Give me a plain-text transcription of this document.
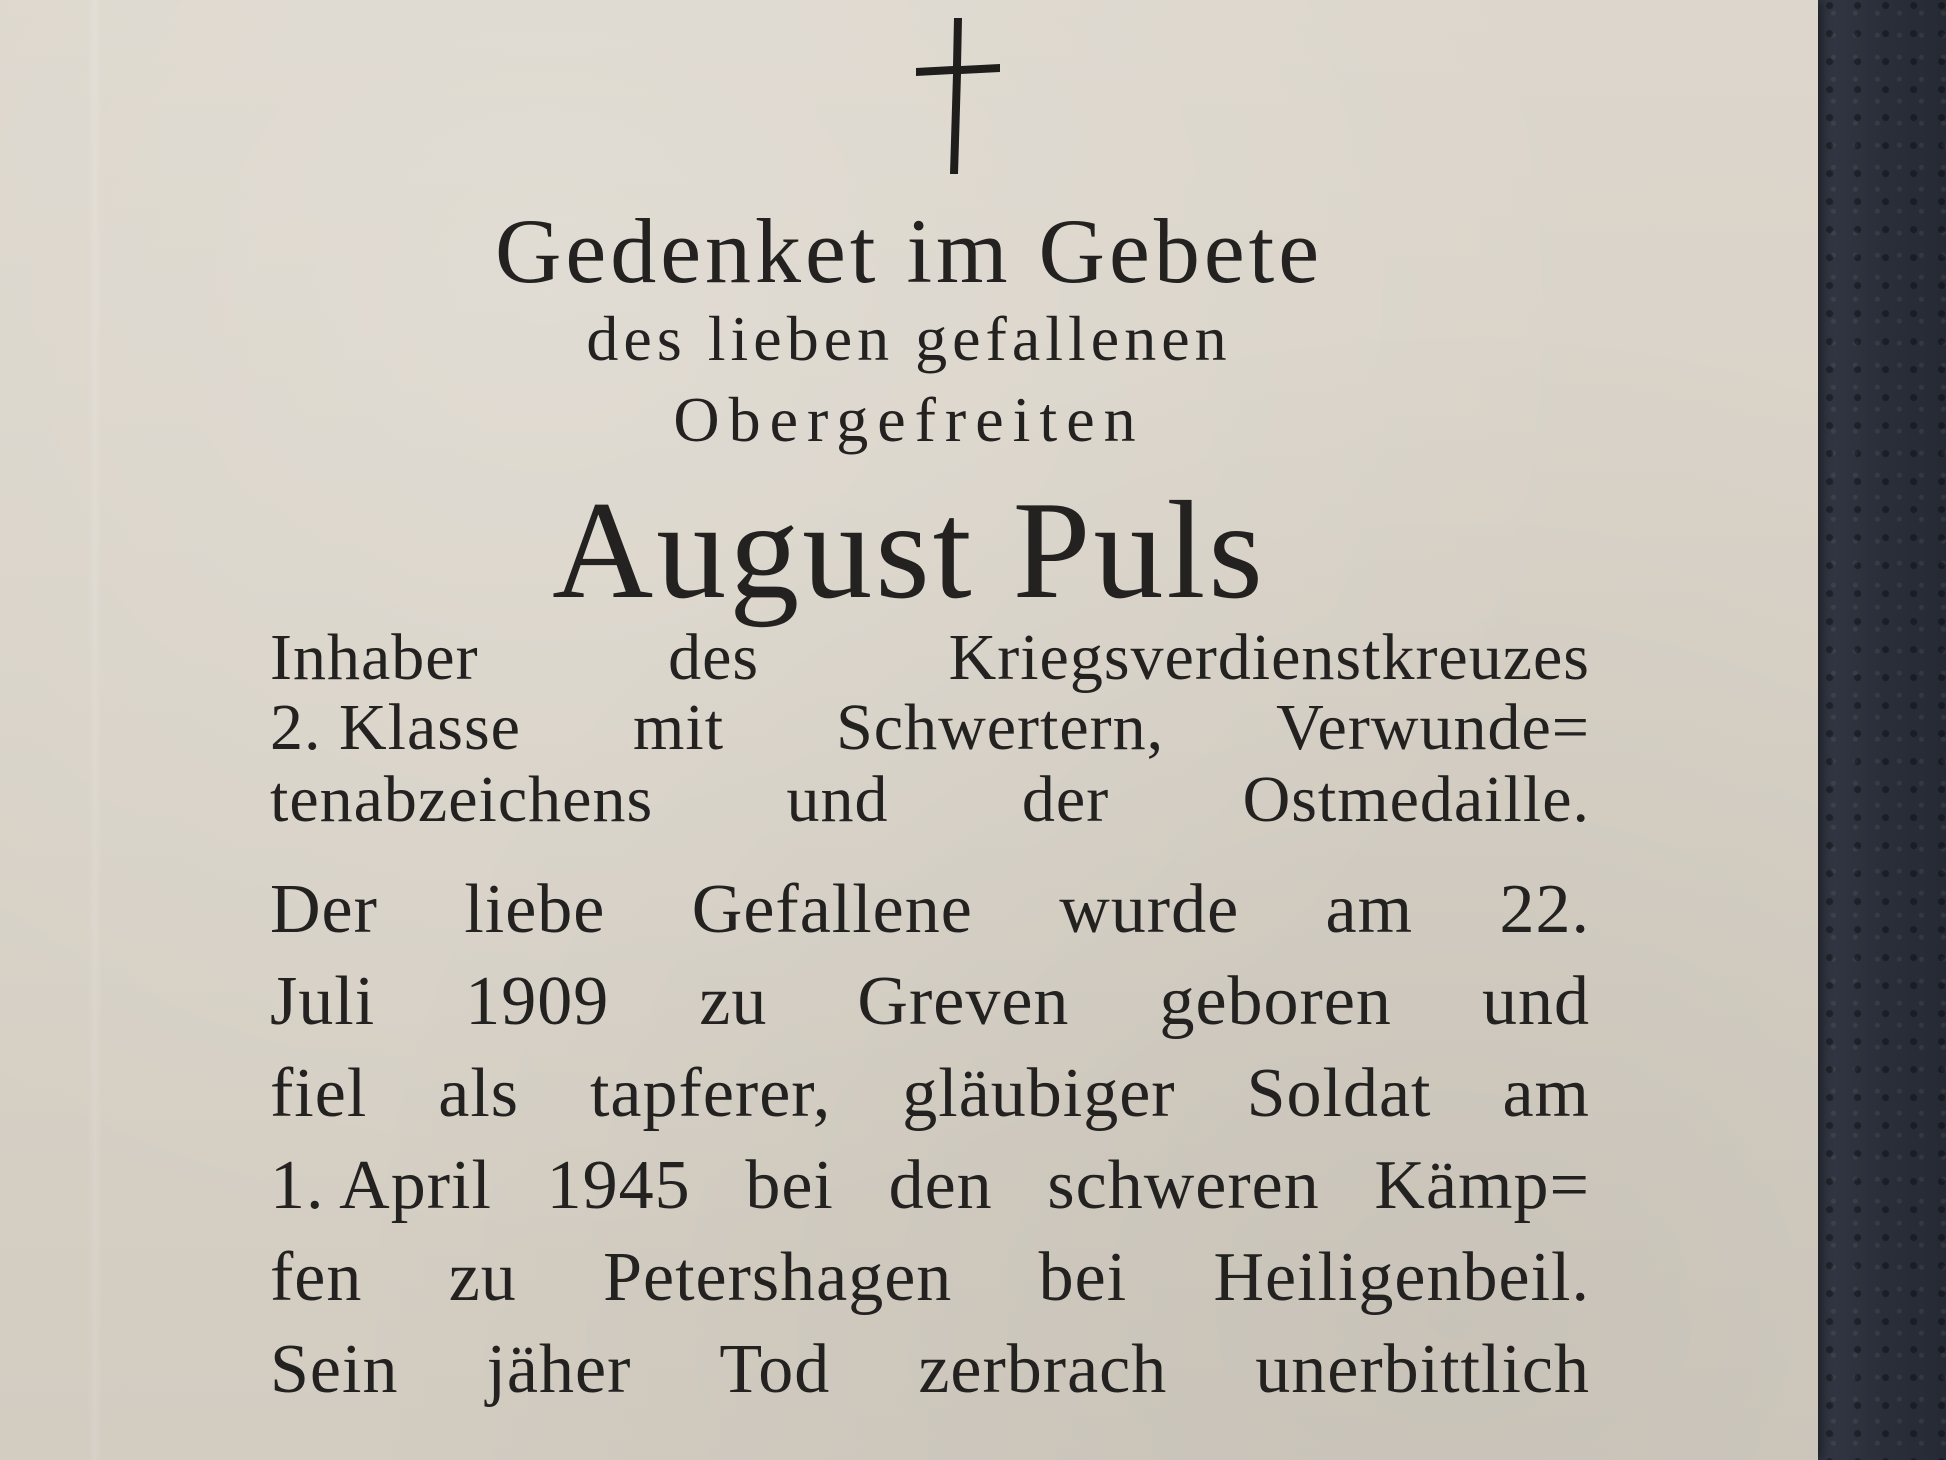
Gedenket im Gebete
des lieben gefallenen
Obergefreiten
August Puls
Inhaber	des	Kriegsverdienstkreuzes
2. Klasse mit Schwertern, Verwunde=
tenabzeichens und der Ostmedaille.
Der liebe Gefallene wurde am 22.
Juli 1909 zu Greven geboren und
fiel als tapferer, gläubiger Soldat am
1. April 1945 bei den schweren Kämp=
fen zu Petershagen bei Heiligenbeil.
Sein jäher Tod zerbrach unerbittlich
